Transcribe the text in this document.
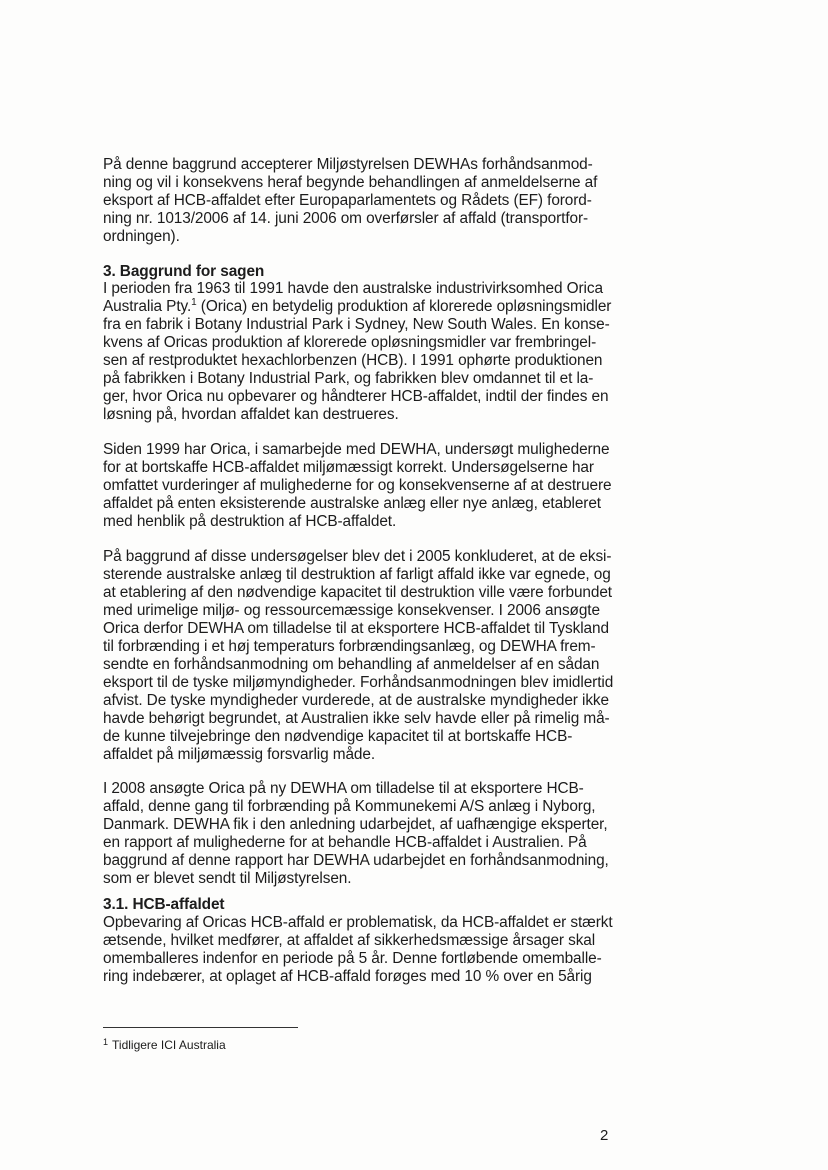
På denne baggrund accepterer Miljøstyrelsen DEWHAs forhåndsanmod-

ning og vil i konsekvens heraf begynde behandlingen af anmeldelserne af

eksport af HCB-affaldet efter Europaparlamentets og Rådets (EF) forord-

ning nr. 1013/2006 af 14. juni 2006 om overførsler af affald (transportfor-

ordningen).

3. Baggrund for sagen

I perioden fra 1963 til 1991 havde den australske industrivirksomhed Orica

Australia Pty.$^1$ (Orica) en betydelig produktion af klorerede opløsningsmidler

fra en fabrik i Botany Industrial Park i Sydney, New South Wales. En konse-

kvens af Oricas produktion af klorerede opløsningsmidler var frembringel-

sen af restproduktet hexachlorbenzen (HCB). I 1991 ophørte produktionen

på fabrikken i Botany Industrial Park, og fabrikken blev omdannet til et la-

ger, hvor Orica nu opbevarer og håndterer HCB-affaldet, indtil der findes en

løsning på, hvordan affaldet kan destrueres.

Siden 1999 har Orica, i samarbejde med DEWHA, undersøgt mulighederne

for at bortskaffe HCB-affaldet miljømæssigt korrekt. Undersøgelserne har

omfattet vurderinger af mulighederne for og konsekvenserne af at destruere

affaldet på enten eksisterende australske anlæg eller nye anlæg, etableret

med henblik på destruktion af HCB-affaldet.

På baggrund af disse undersøgelser blev det i 2005 konkluderet, at de eksi-

sterende australske anlæg til destruktion af farligt affald ikke var egnede, og

at etablering af den nødvendige kapacitet til destruktion ville være forbundet

med urimelige miljø- og ressourcemæssige konsekvenser. I 2006 ansøgte

Orica derfor DEWHA om tilladelse til at eksportere HCB-affaldet til Tyskland

til forbrænding i et høj temperaturs forbrændingsanlæg, og DEWHA frem-

sendte en forhåndsanmodning om behandling af anmeldelser af en sådan

eksport til de tyske miljømyndigheder. Forhåndsanmodningen blev imidlertid

afvist. De tyske myndigheder vurderede, at de australske myndigheder ikke

havde behørigt begrundet, at Australien ikke selv havde eller på rimelig må-

de kunne tilvejebringe den nødvendige kapacitet til at bortskaffe HCB-

affaldet på miljømæssig forsvarlig måde.

I 2008 ansøgte Orica på ny DEWHA om tilladelse til at eksportere HCB-

affald, denne gang til forbrænding på Kommunekemi A/S anlæg i Nyborg,

Danmark. DEWHA fik i den anledning udarbejdet, af uafhængige eksperter,

en rapport af mulighederne for at behandle HCB-affaldet i Australien. På

baggrund af denne rapport har DEWHA udarbejdet en forhåndsanmodning,

som er blevet sendt til Miljøstyrelsen.

3.1. HCB-affaldet

Opbevaring af Oricas HCB-affald er problematisk, da HCB-affaldet er stærkt

ætsende, hvilket medfører, at affaldet af sikkerhedsmæssige årsager skal

omemballeres indenfor en periode på 5 år. Denne fortløbende omemballe-

ring indebærer, at oplaget af HCB-affald forøges med 10 % over en 5årig

$^1$ Tidligere ICI Australia
2
